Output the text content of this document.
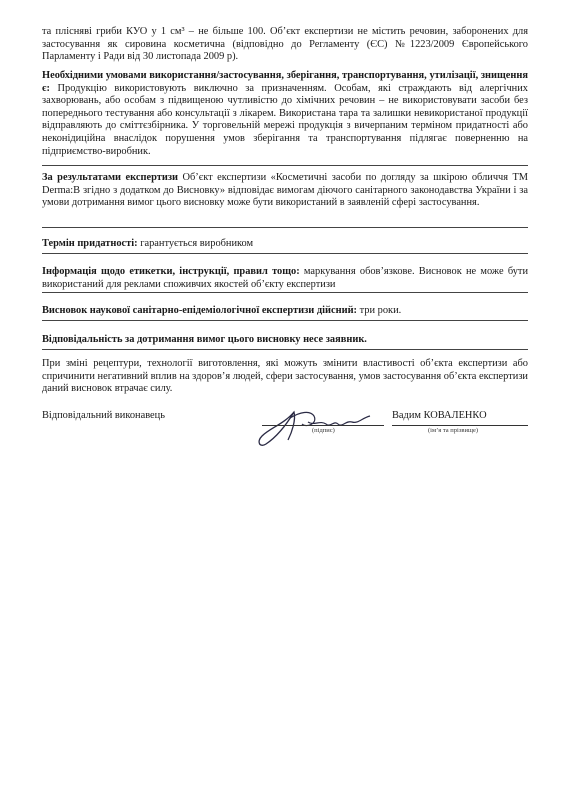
та плісняві гриби КУО у 1 см³ – не більше 100. Об’єкт експертизи не містить речовин, заборонених для застосування як сировина косметична (відповідно до Регламенту (ЄС) №1223/2009 Європейського Парламенту і Ради від 30 листопада 2009 р).
Необхідними умовами використання/застосування, зберігання, транспортування, утилізації, знищення є: Продукцію використовують виключно за призначенням. Особам, які страждають від алергічних захворювань, або особам з підвищеною чутливістю до хімічних речовин – не використовувати засоби без попереднього тестування або консультації з лікарем. Використана тара та залишки невикористаної продукції відправляють до сміттєзбірника. У торговельній мережі продукція з вичерпаним терміном придатності або неконідиційна внаслідок порушення умов зберігання та транспортування підлягає поверненню на підприємство-виробник.
За результатами експертизи Об’єкт експертизи «Косметичні засоби по догляду за шкірою обличчя ТМ Derma:B згідно з додатком до Висновку» відповідає вимогам діючого санітарного законодавства України і за умови дотримання вимог цього висновку може бути використаний в заявленій сфері застосування.
Термін придатності: гарантується виробником
Інформація щодо етикетки, інструкції, правил тощо: маркування обов’язкове. Висновок не може бути використаний для реклами споживчих якостей об’єкту експертизи
Висновок наукової санітарно-епідеміологічної експертизи дійсний: три роки.
Відповідальність за дотримання вимог цього висновку несе заявник.
При зміні рецептури, технології виготовлення, які можуть змінити властивості об’єкта експертизи або спричинити негативний вплив на здоров’я людей, сфери застосування, умов застосування об’єкта експертизи даний висновок втрачає силу.
Відповідальний виконавець
(підпис)
Вадим КОВАЛЕНКО
(ім’я та прізвище)
